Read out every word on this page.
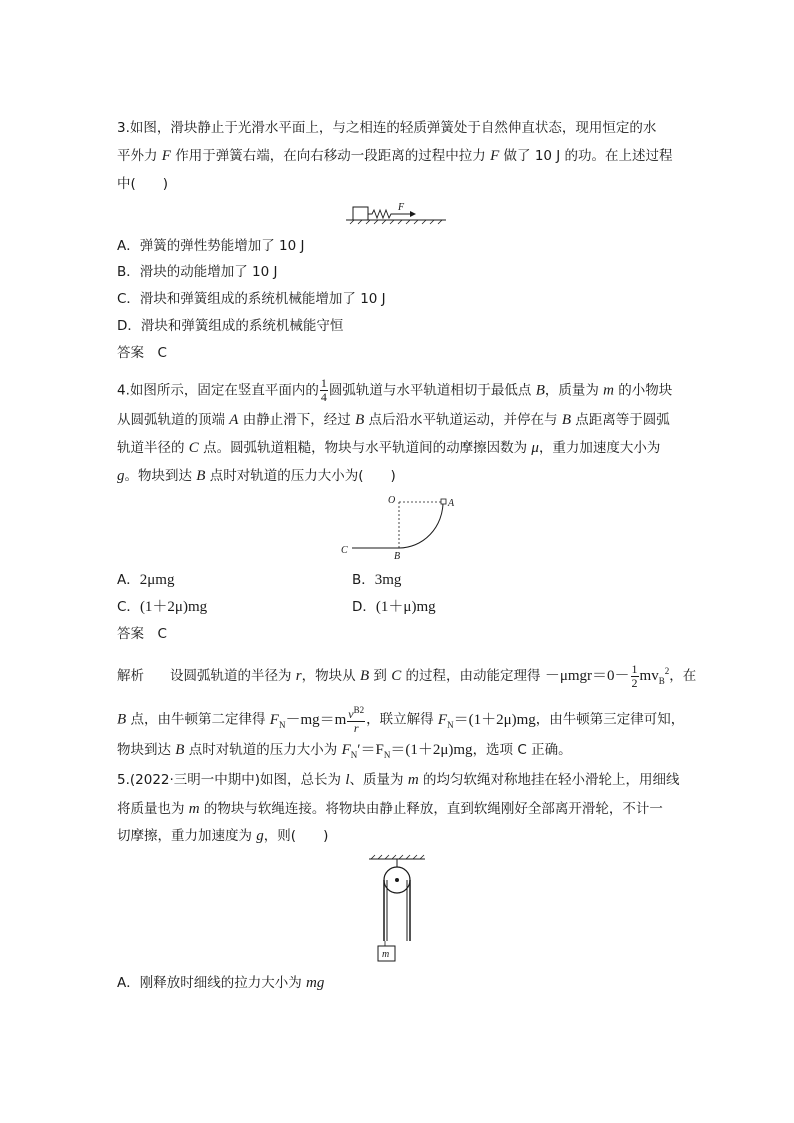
3.如图，滑块静止于光滑水平面上，与之相连的轻质弹簧处于自然伸直状态，现用恒定的水
平外力 F 作用于弹簧右端，在向右移动一段距离的过程中拉力 F 做了 10 J 的功。在上述过程
中(　　)
F
A．弹簧的弹性势能增加了 10 J
B．滑块的动能增加了 10 J
C．滑块和弹簧组成的系统机械能增加了 10 J
D．滑块和弹簧组成的系统机械能守恒
答案　 C
4.如图所示，固定在竖直平面内的 $\frac{1}{4}$ 圆弧轨道与水平轨道相切于最低点 B，质量为 m 的小物块
从圆弧轨道的顶端 A 由静止滑下，经过 B 点后沿水平轨道运动，并停在与 B 点距离等于圆弧
轨道半径的 C 点。圆弧轨道粗糙，物块与水平轨道间的动摩擦因数为 μ，重力加速度大小为
g。物块到达 B 点时对轨道的压力大小为(　　)
O	A
B
C
A．2μmg	B．3mg
C．(1＋2μ)mg	D．(1＋μ)mg
答案　 C
解析 设圆弧轨道的半径为 r，物块从 B 到 C 的过程，由动能定理得 $-\mu mgr=0- \frac{1}{2} mv_B^2$，在
B 点，由牛顿第二定律得 $F_N-mg=m \frac{v^{B2}}{r}$ ，联立解得 $F_N=(1+2\mu)mg$，由牛顿第三定律可知，
物块到达 B 点时对轨道的压力大小为 $F_N'=F_N=(1+2\mu)mg$，选项 C 正确。
5.(2022·三明一中期中)如图，总长为 l、质量为 m 的均匀软绳对称地挂在轻小滑轮上，用细线
将质量也为 m 的物块与软绳连接。将物块由静止释放，直到软绳刚好全部离开滑轮，不计一
切摩擦，重力加速度为 g，则(　　)
m
A．刚释放时细线的拉力大小为 mg
